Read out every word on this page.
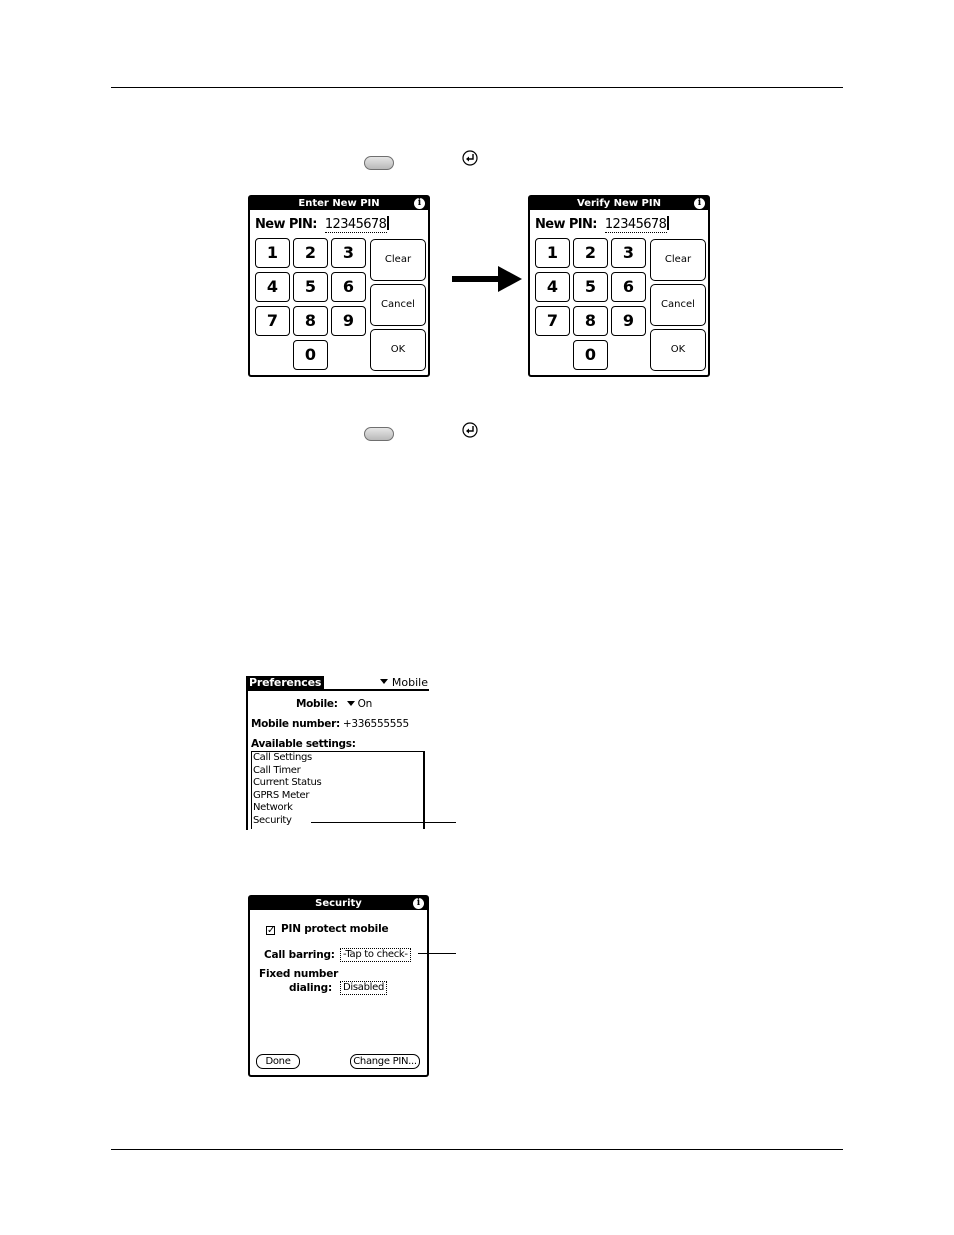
Enter New PIN	i
New PIN: 12345678
1	2	3
4	5	6
7	8	9
0
Clear
Cancel
OK
Verify New PIN	i
New PIN: 12345678
1	2	3
4	5	6
7	8	9
0
Clear
Cancel
OK
Preferences	Mobile
Mobile: On
Mobile number: +336555555
Available settings:
Call Settings
Call Timer
Current Status
GPRS Meter
Network
Security
Security	i
✓ PIN protect mobile
Call barring: -Tap to check-
Fixed number
dialing:	Disabled
Done	Change PIN...
